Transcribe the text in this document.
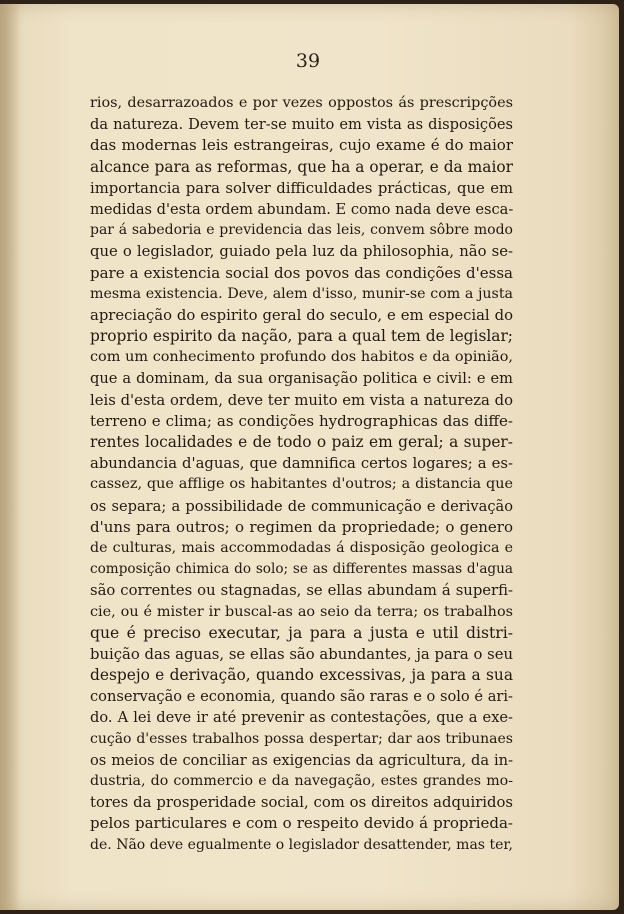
39
rios, desarrazoados e por vezes oppostos ás prescripções
da natureza. Devem ter-se muito em vista as disposições
das modernas leis estrangeiras, cujo exame é do maior
alcance para as reformas, que ha a operar, e da maior
importancia para solver difficuldades prácticas, que em
medidas d'esta ordem abundam. E como nada deve esca-
par á sabedoria e previdencia das leis, convem sôbre modo
que o legislador, guiado pela luz da philosophia, não se-
pare a existencia social dos povos das condições d'essa
mesma existencia. Deve, alem d'isso, munir-se com a justa
apreciação do espirito geral do seculo, e em especial do
proprio espirito da nação, para a qual tem de legislar;
com um conhecimento profundo dos habitos e da opinião,
que a dominam, da sua organisação politica e civil: e em
leis d'esta ordem, deve ter muito em vista a natureza do
terreno e clima; as condições hydrographicas das diffe-
rentes localidades e de todo o paiz em geral; a super-
abundancia d'aguas, que damnifica certos logares; a es-
cassez, que afflige os habitantes d'outros; a distancia que
os separa; a possibilidade de communicação e derivação
d'uns para outros; o regimen da propriedade; o genero
de culturas, mais accommodadas á disposição geologica e
composição chimica do solo; se as differentes massas d'agua
são correntes ou stagnadas, se ellas abundam á superfi-
cie, ou é mister ir buscal-as ao seio da terra; os trabalhos
que é preciso executar, ja para a justa e util distri-
buição das aguas, se ellas são abundantes, ja para o seu
despejo e derivação, quando excessivas, ja para a sua
conservação e economia, quando são raras e o solo é ari-
do. A lei deve ir até prevenir as contestações, que a exe-
cução d'esses trabalhos possa despertar; dar aos tribunaes
os meios de conciliar as exigencias da agricultura, da in-
dustria, do commercio e da navegação, estes grandes mo-
tores da prosperidade social, com os direitos adquiridos
pelos particulares e com o respeito devido á proprieda-
de. Não deve egualmente o legislador desattender, mas ter,
